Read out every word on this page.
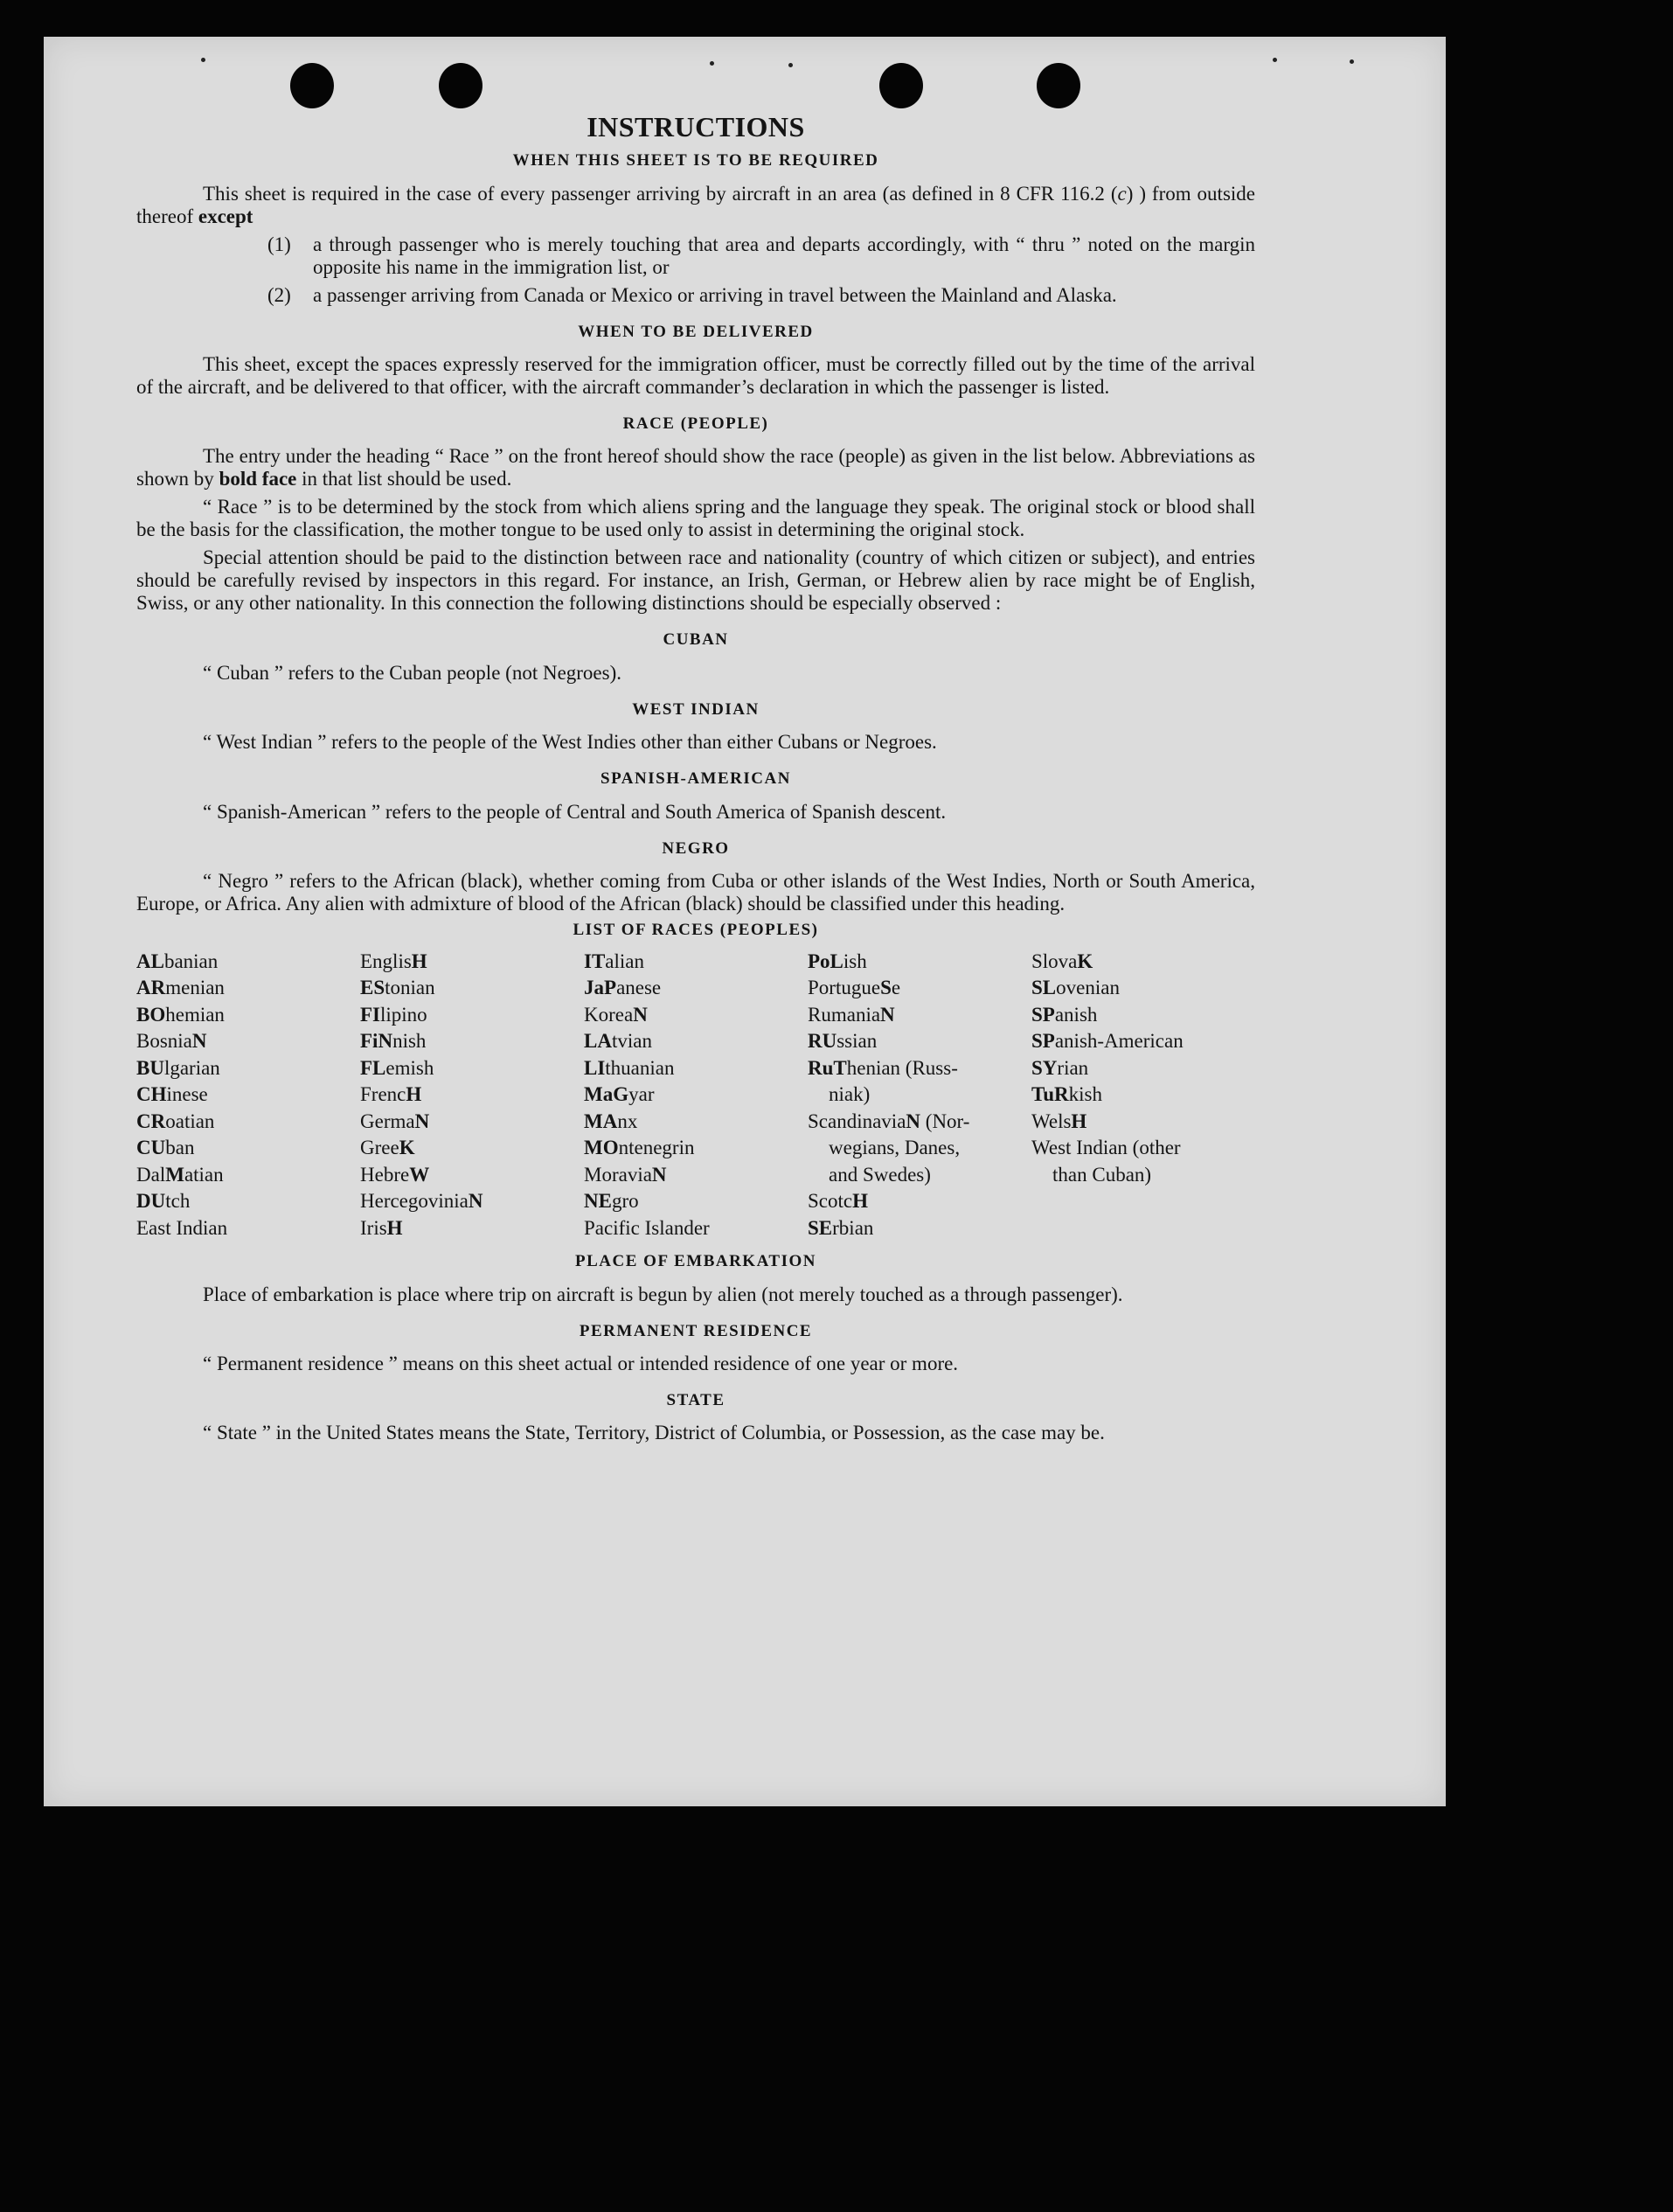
INSTRUCTIONS
WHEN THIS SHEET IS TO BE REQUIRED

This sheet is required in the case of every passenger arriving by aircraft in an area (as defined in 8 CFR 116.2 (c) ) from outside thereof except

(1)	a through passenger who is merely touching that area and departs accordingly, with “ thru ” noted on the margin opposite his name in the immigration list, or
(2)	a passenger arriving from Canada or Mexico or arriving in travel between the Mainland and Alaska.
WHEN TO BE DELIVERED

This sheet, except the spaces expressly reserved for the immigration officer, must be correctly filled out by the time of the arrival of the aircraft, and be delivered to that officer, with the aircraft commander’s declaration in which the passenger is listed.

RACE (PEOPLE)

The entry under the heading “ Race ” on the front hereof should show the race (people) as given in the list below. Abbreviations as shown by bold face in that list should be used.

“ Race ” is to be determined by the stock from which aliens spring and the language they speak. The original stock or blood shall be the basis for the classification, the mother tongue to be used only to assist in determining the original stock.

Special attention should be paid to the distinction between race and nationality (country of which citizen or subject), and entries should be carefully revised by inspectors in this regard. For instance, an Irish, German, or Hebrew alien by race might be of English, Swiss, or any other nationality. In this connection the following distinctions should be especially observed :

CUBAN

“ Cuban ” refers to the Cuban people (not Negroes).

WEST INDIAN

“ West Indian ” refers to the people of the West Indies other than either Cubans or Negroes.

SPANISH-AMERICAN

“ Spanish-American ” refers to the people of Central and South America of Spanish descent.

NEGRO

“ Negro ” refers to the African (black), whether coming from Cuba or other islands of the West Indies, North or South America, Europe, or Africa. Any alien with admixture of blood of the African (black) should be classified under this heading.

LIST OF RACES (PEOPLES)
ALbanian
ARmenian
BOhemian
BosniaN
BUlgarian
CHinese
CRoatian
CUban
DalMatian
DUtch
East Indian
EnglisH
EStonian
FIlipino
FiNnish
FLemish
FrencH
GermaN
GreeK
HebreW
HercegoviniaN
IrisH
ITalian
JaPanese
KoreaN
LAtvian
LIthuanian
MaGyar
MAnx
MOntenegrin
MoraviaN
NEgro
Pacific Islander
PoLish
PortugueSe
RumaniaN
RUssian
RuThenian (Russ-
niak)
ScandinaviaN (Nor-
wegians, Danes,
and Swedes)
ScotcH
SErbian
SlovaK
SLovenian
SPanish
SPanish-American
SYrian
TuRkish
WelsH
West Indian (other
than Cuban)
PLACE OF EMBARKATION

Place of embarkation is place where trip on aircraft is begun by alien (not merely touched as a through passenger).

PERMANENT RESIDENCE

“ Permanent residence ” means on this sheet actual or intended residence of one year or more.

STATE

“ State ” in the United States means the State, Territory, District of Columbia, or Possession, as the case may be.
